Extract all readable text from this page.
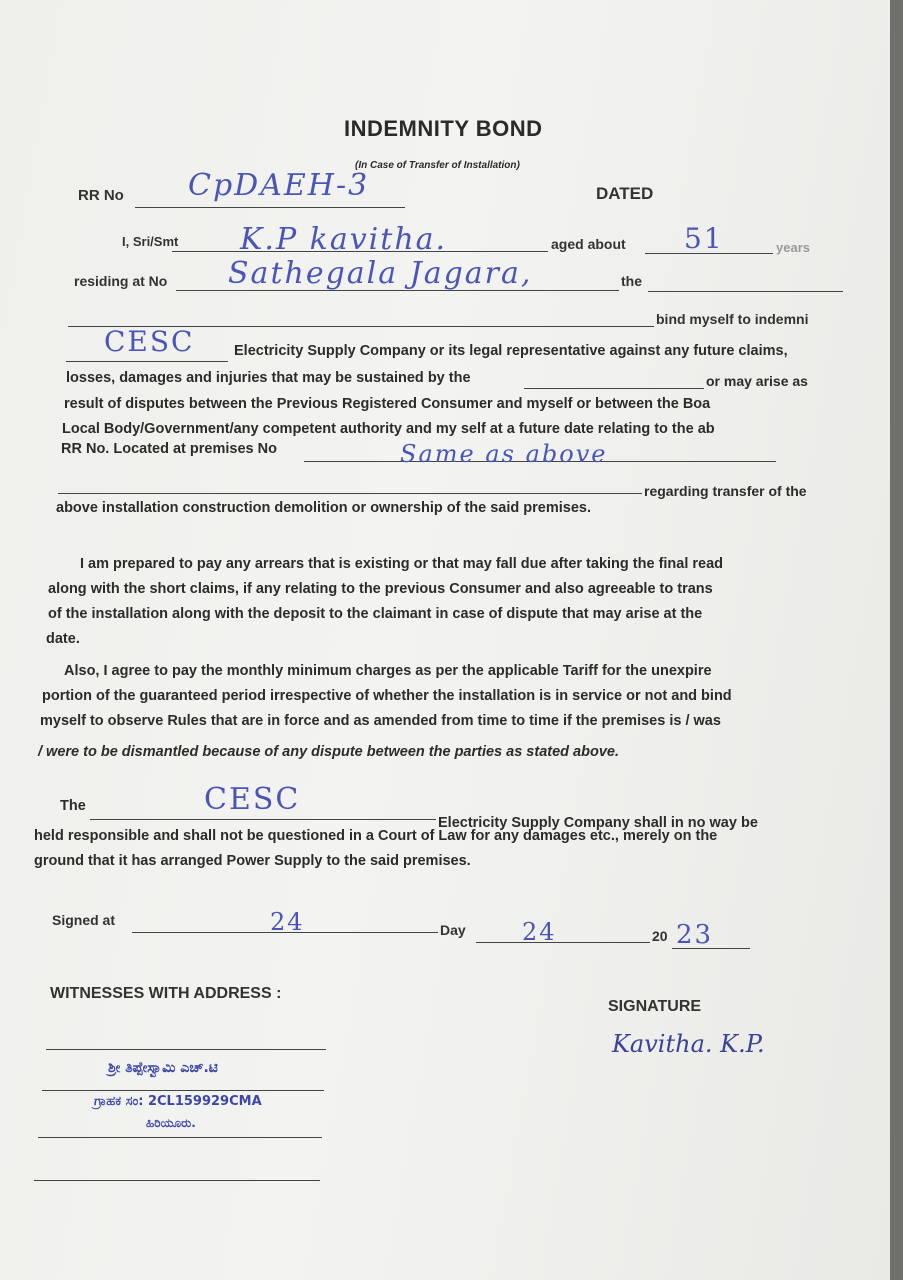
INDEMNITY BOND
(In Case of Transfer of Installation)
RR No CpDAEH-3	DATED
I, Sri/Smt K.P kavitha.	aged about 51	years
residing at No Sathegala Jagara,	the
bind myself to indemni
CESC	Electricity Supply Company or its legal representative against any future claims,
losses, damages and injuries that may be sustained by the	or may arise as
result of disputes between the Previous Registered Consumer and myself or between the Boa
Local Body/Government/any competent authority and my self at a future date relating to the ab
RR No. Located at premises No	Same as above
regarding transfer of the
above installation construction demolition or ownership of the said premises.
I am prepared to pay any arrears that is existing or that may fall due after taking the final read
along with the short claims, if any relating to the previous Consumer and also agreeable to trans
of the installation along with the deposit to the claimant in case of dispute that may arise at the
date.
Also, I agree to pay the monthly minimum charges as per the applicable Tariff for the unexpire
portion of the guaranteed period irrespective of whether the installation is in service or not and bind
myself to observe Rules that are in force and as amended from time to time if the premises is / was
/ were to be dismantled because of any dispute between the parties as stated above.
The	CESC
Electricity Supply Company shall in no way be
held responsible and shall not be questioned in a Court of Law for any damages etc., merely on the
ground that it has arranged Power Supply to the said premises.
Signed at	24	Day 24	20 23
WITNESSES WITH ADDRESS :
ಶ್ರೀ ತಿಪ್ಪೇಸ್ವಾಮಿ ಎಚ್.ಟಿ
ಗ್ರಾಹಕ ಸಂ: 2CL159929CMA
ಹಿರಿಯೂರು.
SIGNATURE
Kavitha. K.P.
